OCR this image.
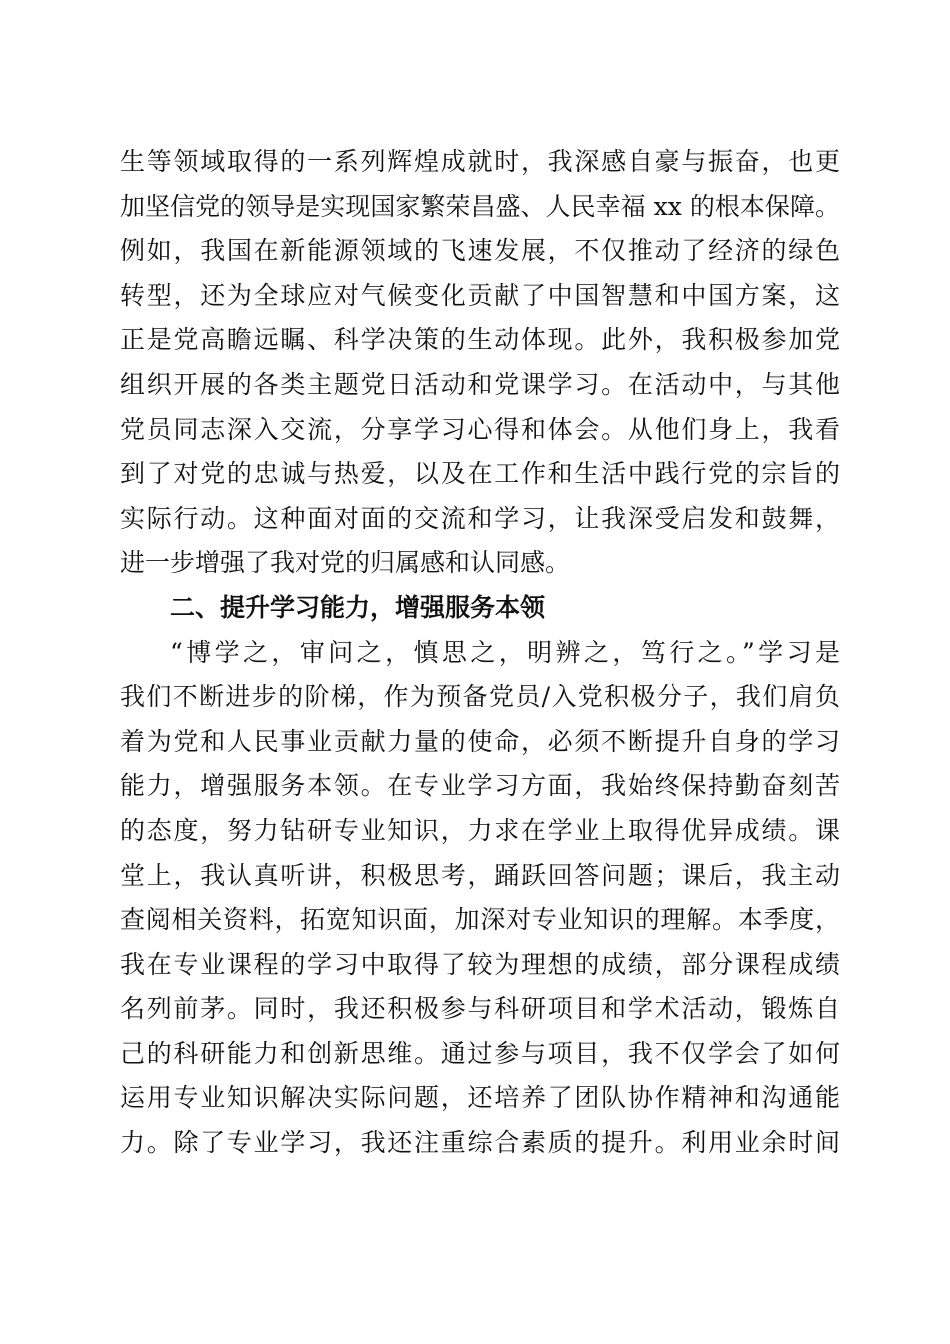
生等领域取得的一系列辉煌成就时，我深感自豪与振奋，也更
加坚信党的领导是实现国家繁荣昌盛、人民幸福 xx 的根本保障。
例如，我国在新能源领域的飞速发展，不仅推动了经济的绿色
转型，还为全球应对气候变化贡献了中国智慧和中国方案，这
正是党高瞻远瞩、科学决策的生动体现。此外，我积极参加党
组织开展的各类主题党日活动和党课学习。在活动中，与其他
党员同志深入交流，分享学习心得和体会。从他们身上，我看
到了对党的忠诚与热爱，以及在工作和生活中践行党的宗旨的
实际行动。这种面对面的交流和学习，让我深受启发和鼓舞，
进一步增强了我对党的归属感和认同感。
二、提升学习能力，增强服务本领
“博学之，审问之，慎思之，明辨之，笃行之。”学习是
我们不断进步的阶梯，作为预备党员/入党积极分子，我们肩负
着为党和人民事业贡献力量的使命，必须不断提升自身的学习
能力，增强服务本领。在专业学习方面，我始终保持勤奋刻苦
的态度，努力钻研专业知识，力求在学业上取得优异成绩。课
堂上，我认真听讲，积极思考，踊跃回答问题；课后，我主动
查阅相关资料，拓宽知识面，加深对专业知识的理解。本季度，
我在专业课程的学习中取得了较为理想的成绩，部分课程成绩
名列前茅。同时，我还积极参与科研项目和学术活动，锻炼自
己的科研能力和创新思维。通过参与项目，我不仅学会了如何
运用专业知识解决实际问题，还培养了团队协作精神和沟通能
力。除了专业学习，我还注重综合素质的提升。利用业余时间
